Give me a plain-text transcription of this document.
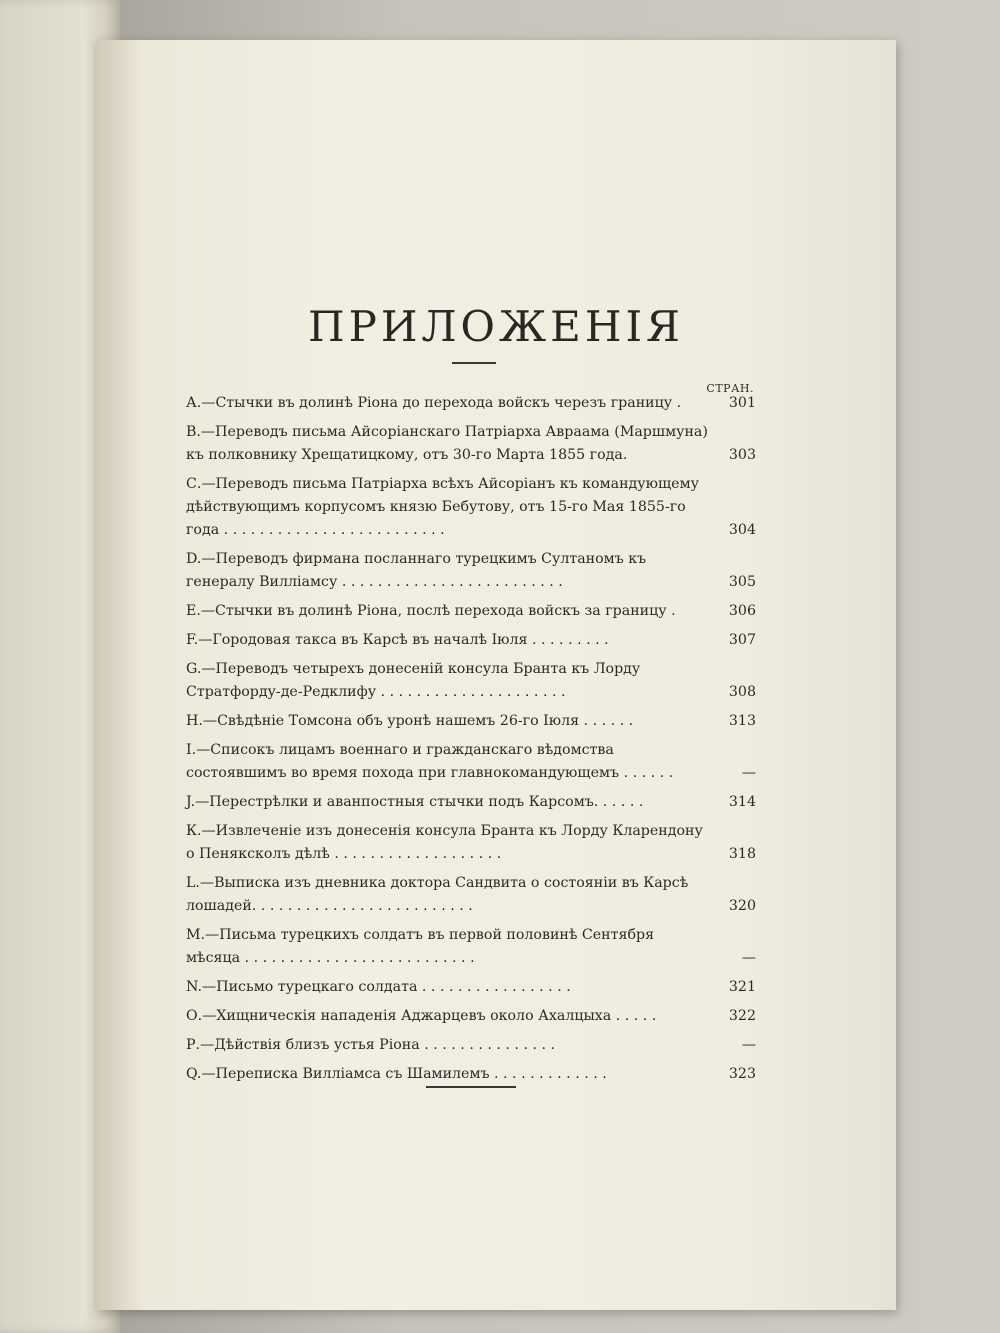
ПРИЛОЖЕНІЯ
СТРАН.
А.—Стычки въ долинѣ Ріона до перехода войскъ черезъ границу .	301
В.—Переводъ письма Айсоріанскаго Патріарха Авраама (Маршмуна) къ полковнику Хрещатицкому, отъ 30-го Марта 1855 года.	303
С.—Переводъ письма Патріарха всѣхъ Айсоріанъ къ командующему дѣйствующимъ корпусомъ князю Бебутову, отъ 15-го Мая 1855-го года . . . . . . . . . . . . . . . . . . . . . . . . .	304
D.—Переводъ фирмана посланнаго турецкимъ Султаномъ къ генералу Вилліамсу . . . . . . . . . . . . . . . . . . . . . . . . .	305
Е.—Стычки въ долинѣ Ріона, послѣ перехода войскъ за границу .	306
F.—Городовая такса въ Карсѣ въ началѣ Іюля . . . . . . . . .	307
G.—Переводъ четырехъ донесеній консула Бранта къ Лорду Стратфорду-де-Редклифу . . . . . . . . . . . . . . . . . . . . .	308
Н.—Свѣдѣніе Томсона объ уронѣ нашемъ 26-го Іюля . . . . . .	313
І.—Списокъ лицамъ военнаго и гражданскаго вѣдомства состоявшимъ во время похода при главнокомандующемъ . . . . . .	—
J.—Перестрѣлки и аванпостныя стычки подъ Карсомъ. . . . . .	314
К.—Извлеченіе изъ донесенія консула Бранта къ Лорду Кларендону о Пеняксколъ дѣлѣ . . . . . . . . . . . . . . . . . . .	318
L.—Выписка изъ дневника доктора Сандвита о состояніи въ Карсѣ лошадей. . . . . . . . . . . . . . . . . . . . . . . . .	320
М.—Письма турецкихъ солдатъ въ первой половинѣ Сентября мѣсяца . . . . . . . . . . . . . . . . . . . . . . . . . .	—
N.—Письмо турецкаго солдата . . . . . . . . . . . . . . . . .	321
О.—Хищническія нападенія Аджарцевъ около Ахалцыха . . . . .	322
Р.—Дѣйствія близъ устья Ріона . . . . . . . . . . . . . . .	—
Q.—Переписка Вилліамса съ Шамилемъ . . . . . . . . . . . . .	323
